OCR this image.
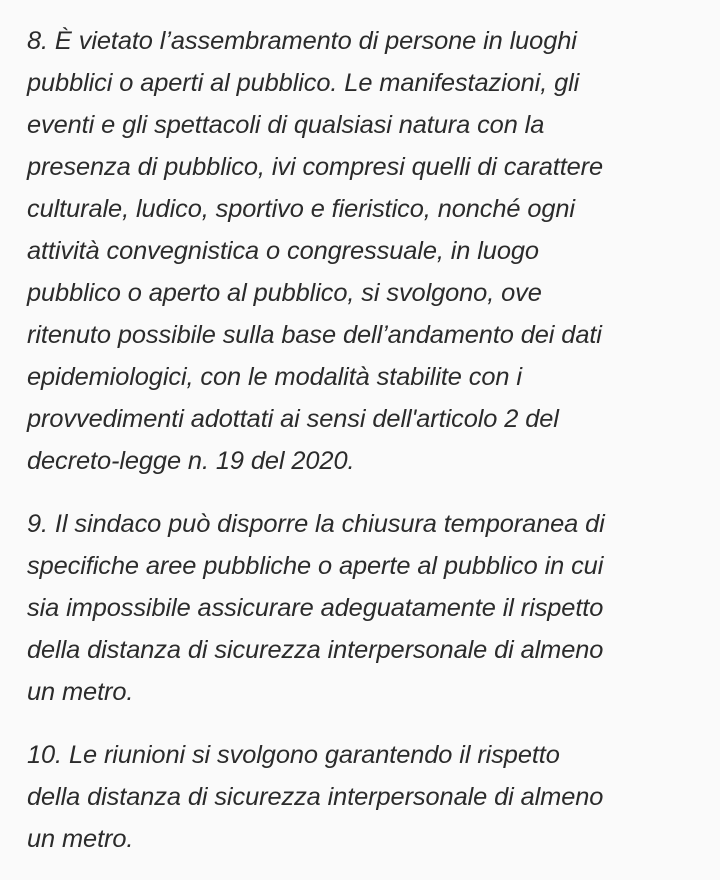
8. È vietato l’assembramento di persone in luoghi
pubblici o aperti al pubblico. Le manifestazioni, gli
eventi e gli spettacoli di qualsiasi natura con la
presenza di pubblico, ivi compresi quelli di carattere
culturale, ludico, sportivo e fieristico, nonché ogni
attività convegnistica o congressuale, in luogo
pubblico o aperto al pubblico, si svolgono, ove
ritenuto possibile sulla base dell’andamento dei dati
epidemiologici, con le modalità stabilite con i
provvedimenti adottati ai sensi dell'articolo 2 del
decreto-legge n. 19 del 2020.

9. Il sindaco può disporre la chiusura temporanea di
specifiche aree pubbliche o aperte al pubblico in cui
sia impossibile assicurare adeguatamente il rispetto
della distanza di sicurezza interpersonale di almeno
un metro.

10. Le riunioni si svolgono garantendo il rispetto
della distanza di sicurezza interpersonale di almeno
un metro.
